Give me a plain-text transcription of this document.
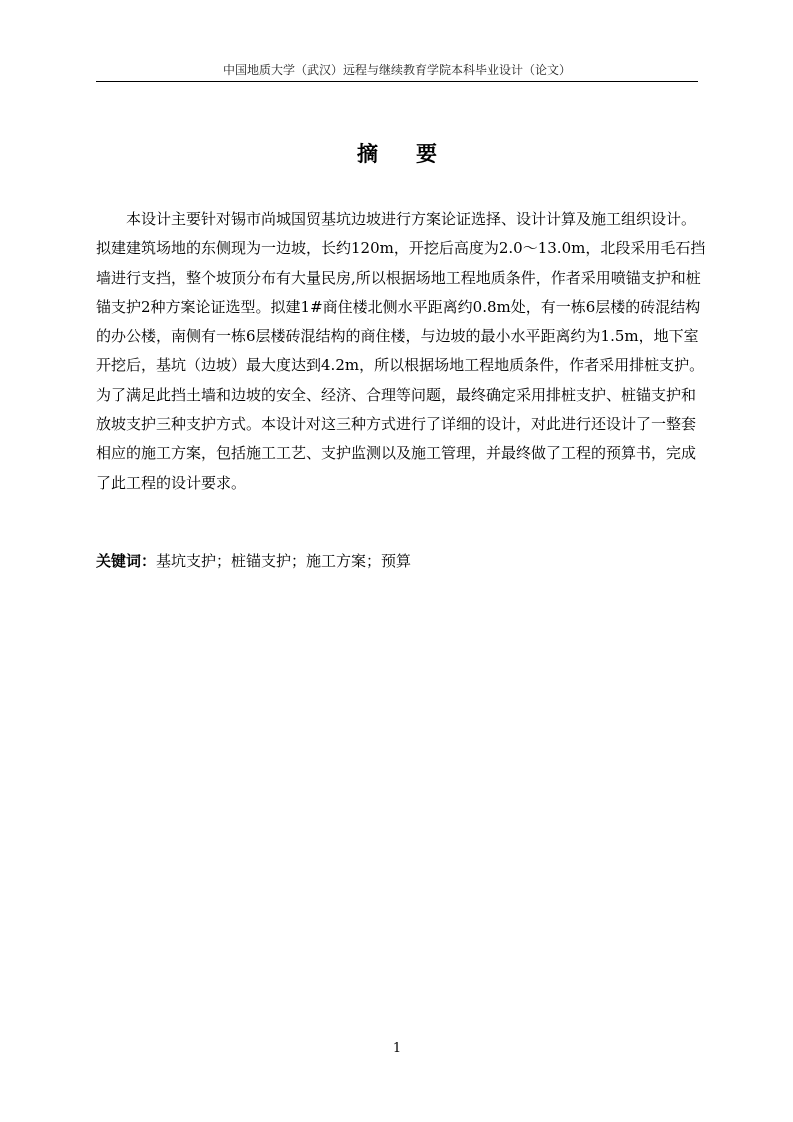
中国地质大学（武汉）远程与继续教育学院本科毕业设计（论文）
摘要

本设计主要针对锡市尚城国贸基坑边坡进行方案论证选择、设计计算及施工组织设计。拟建建筑场地的东侧现为一边坡，长约120m，开挖后高度为2.0～13.0m，北段采用毛石挡墙进行支挡，整个坡顶分布有大量民房,所以根据场地工程地质条件，作者采用喷锚支护和桩锚支护2种方案论证选型。拟建1#商住楼北侧水平距离约0.8m处，有一栋6层楼的砖混结构的办公楼，南侧有一栋6层楼砖混结构的商住楼，与边坡的最小水平距离约为1.5m，地下室开挖后，基坑（边坡）最大度达到4.2m，所以根据场地工程地质条件，作者采用排桩支护。为了满足此挡土墙和边坡的安全、经济、合理等问题，最终确定采用排桩支护、桩锚支护和放坡支护三种支护方式。本设计对这三种方式进行了详细的设计，对此进行还设计了一整套相应的施工方案，包括施工工艺、支护监测以及施工管理，并最终做了工程的预算书，完成了此工程的设计要求。

关键词：基坑支护；桩锚支护；施工方案；预算
1
